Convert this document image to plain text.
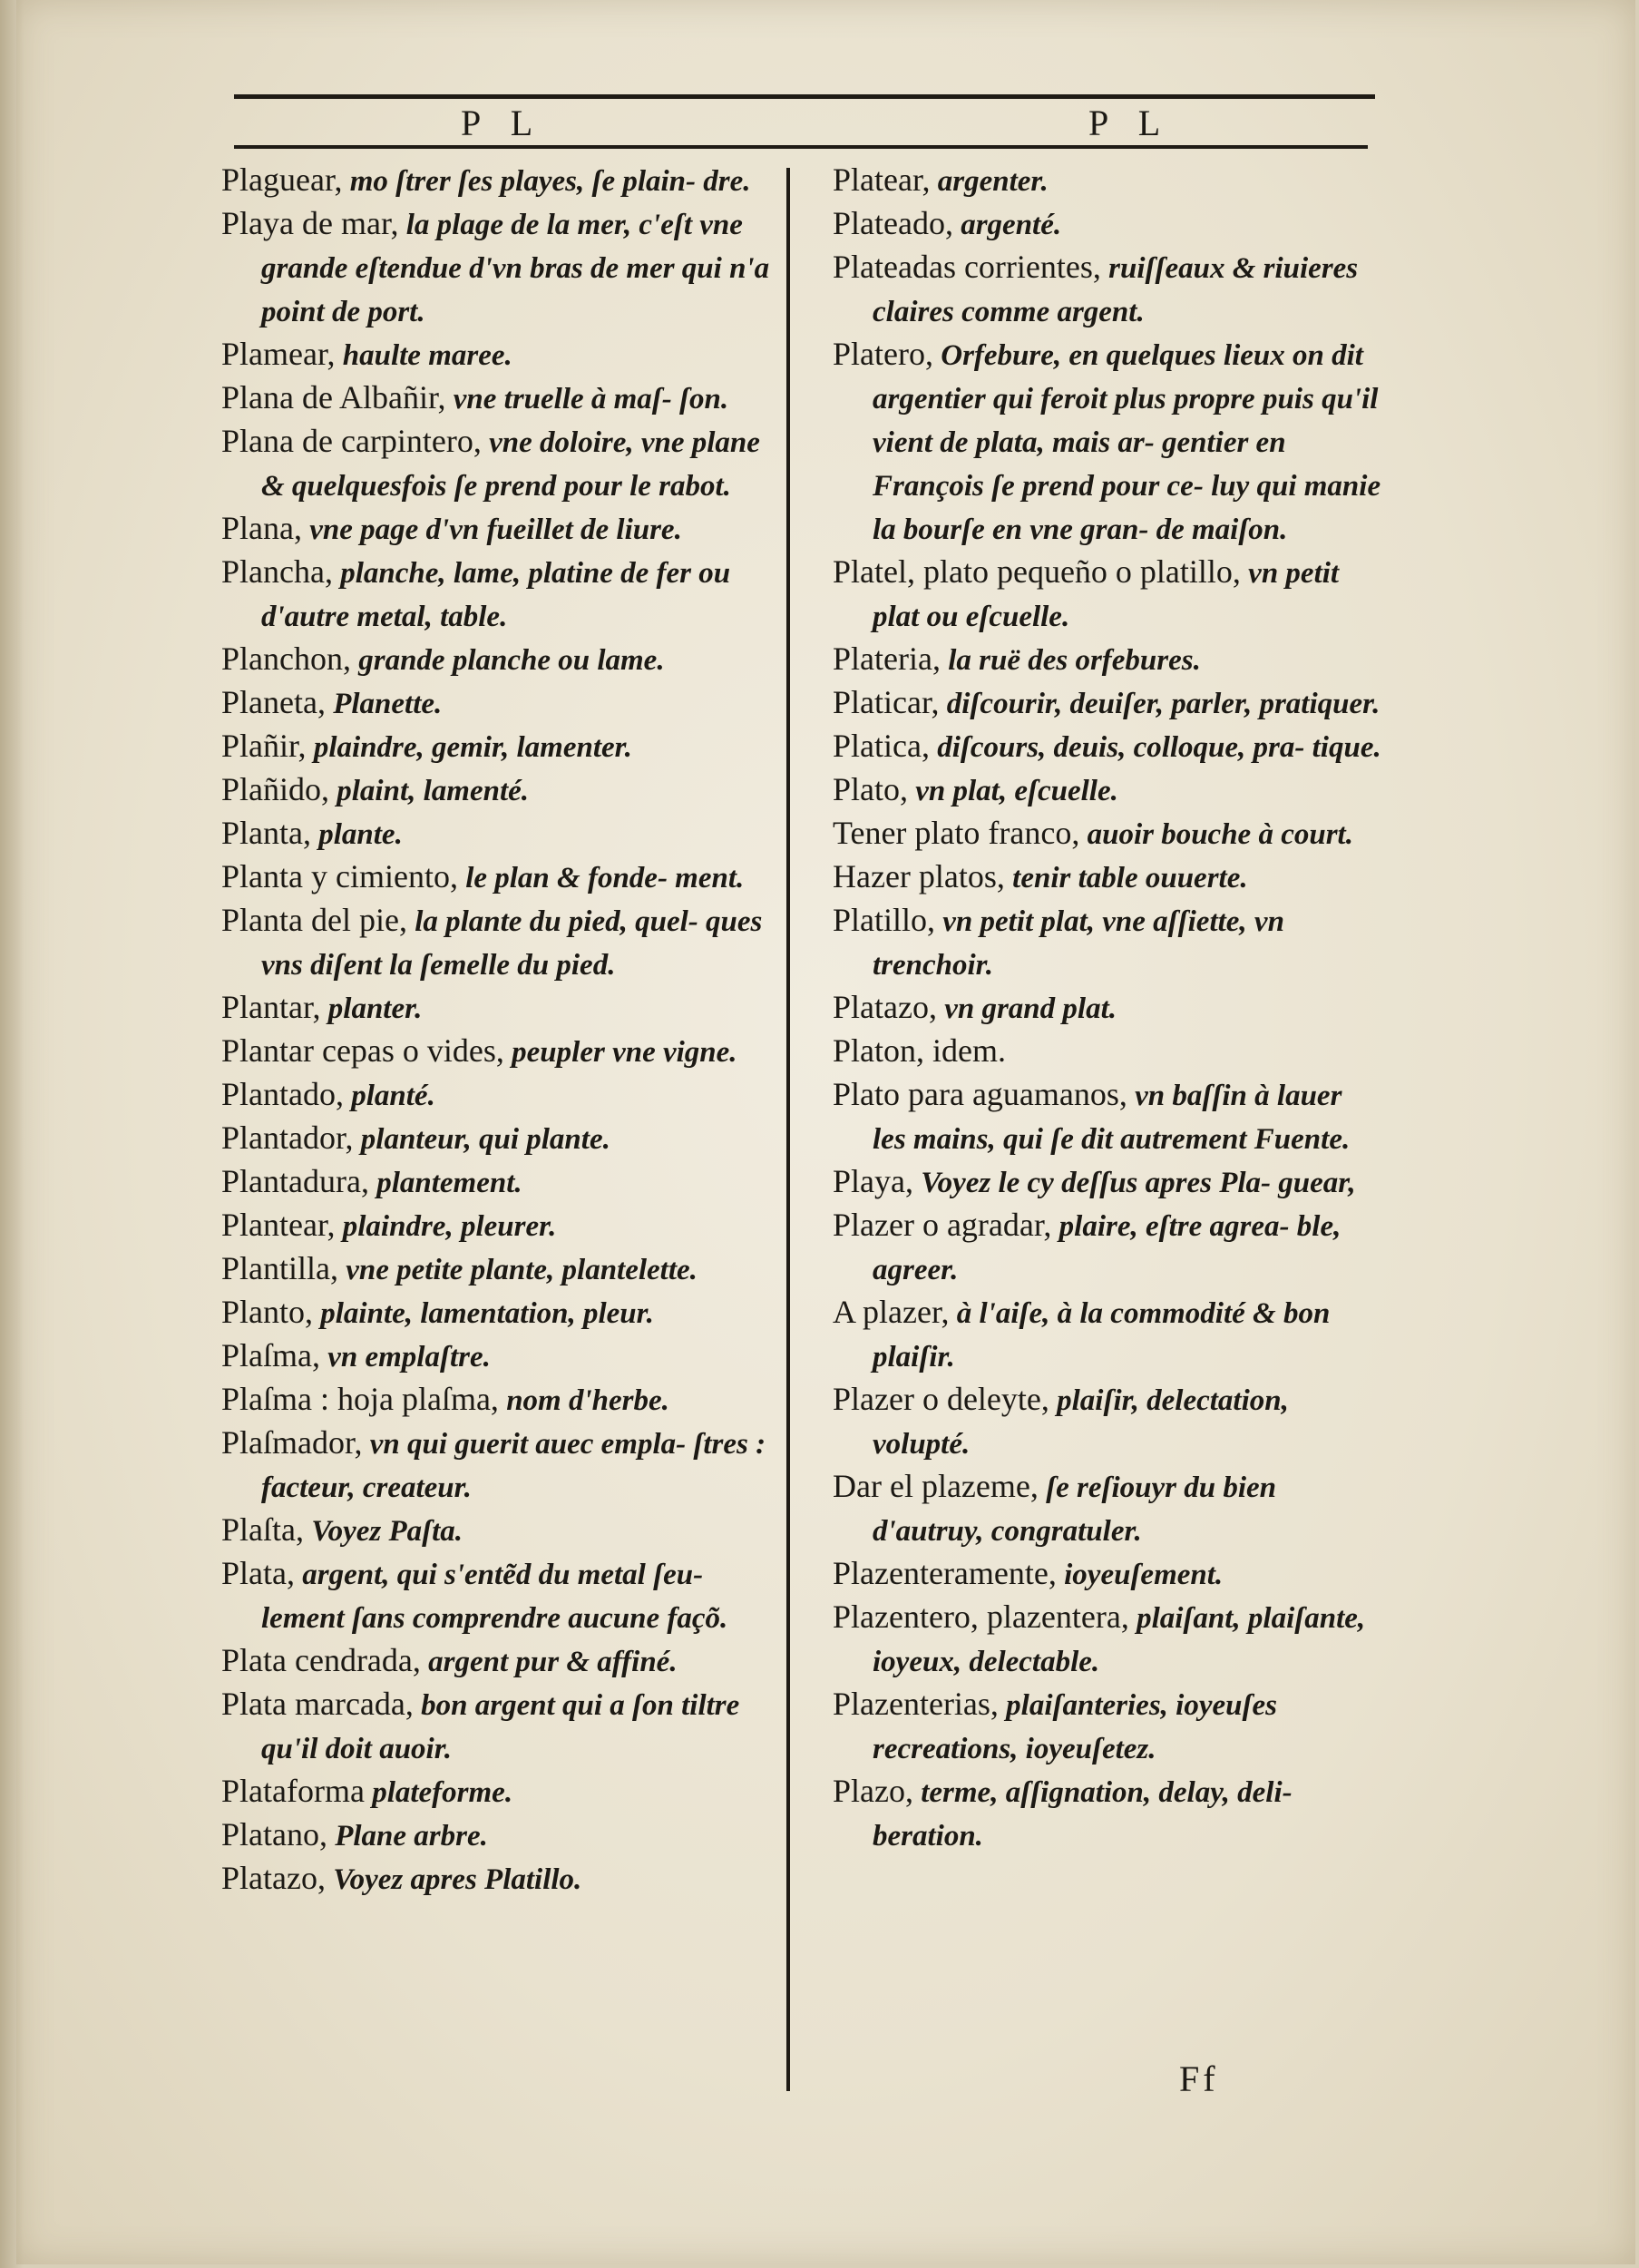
P L	P L

Plaguear, mo ſtrer ſes playes, ſe plain- dre.

Playa de mar, la plage de la mer, c'eſt vne grande eſtendue d'vn bras de mer qui n'a point de port.

Plamear, haulte maree.

Plana de Albañir, vne truelle à maſ- ſon.

Plana de carpintero, vne doloire, vne plane & quelquesfois ſe prend pour le rabot.

Plana, vne page d'vn fueillet de liure.

Plancha, planche, lame, platine de fer ou d'autre metal, table.

Planchon, grande planche ou lame.

Planeta, Planette.

Plañir, plaindre, gemir, lamenter.

Plañido, plaint, lamenté.

Planta, plante.

Planta y cimiento, le plan & fonde- ment.

Planta del pie, la plante du pied, quel- ques vns diſent la ſemelle du pied.

Plantar, planter.

Plantar cepas o vides, peupler vne vigne.

Plantado, planté.

Plantador, planteur, qui plante.

Plantadura, plantement.

Plantear, plaindre, pleurer.

Plantilla, vne petite plante, plantelette.

Planto, plainte, lamentation, pleur.

Plaſma, vn emplaſtre.

Plaſma : hoja plaſma, nom d'herbe.

Plaſmador, vn qui guerit auec empla- ſtres : facteur, createur.

Plaſta, Voyez Paſta.

Plata, argent, qui s'entẽd du metal ſeu- lement ſans comprendre aucune façõ.

Plata cendrada, argent pur & affiné.

Plata marcada, bon argent qui a ſon tiltre qu'il doit auoir.

Plataforma plateforme.

Platano, Plane arbre.

Platazo, Voyez apres Platillo.

Platear, argenter.

Plateado, argenté.

Plateadas corrientes, ruiſſeaux & riuieres claires comme argent.

Platero, Orfebure, en quelques lieux on dit argentier qui feroit plus propre puis qu'il vient de plata, mais ar- gentier en François ſe prend pour ce- luy qui manie la bourſe en vne gran- de maiſon.

Platel, plato pequeño o platillo, vn petit plat ou eſcuelle.

Plateria, la ruë des orfebures.

Platicar, diſcourir, deuiſer, parler, pratiquer.

Platica, diſcours, deuis, colloque, pra- tique.

Plato, vn plat, eſcuelle.

Tener plato franco, auoir bouche à court.

Hazer platos, tenir table ouuerte.

Platillo, vn petit plat, vne aſſiette, vn trenchoir.

Platazo, vn grand plat.

Platon, idem.

Plato para aguamanos, vn baſſin à lauer les mains, qui ſe dit autrement Fuente.

Playa, Voyez le cy deſſus apres Pla- guear,

Plazer o agradar, plaire, eſtre agrea- ble, agreer.

A plazer, à l'aiſe, à la commodité & bon plaiſir.

Plazer o deleyte, plaiſir, delectation, volupté.

Dar el plazeme, ſe reſiouyr du bien d'autruy, congratuler.

Plazenteramente, ioyeuſement.

Plazentero, plazentera, plaiſant, plaiſante, ioyeux, delectable.

Plazenterias, plaiſanteries, ioyeuſes recreations, ioyeuſetez.

Plazo, terme, aſſignation, delay, deli- beration.

Ff
